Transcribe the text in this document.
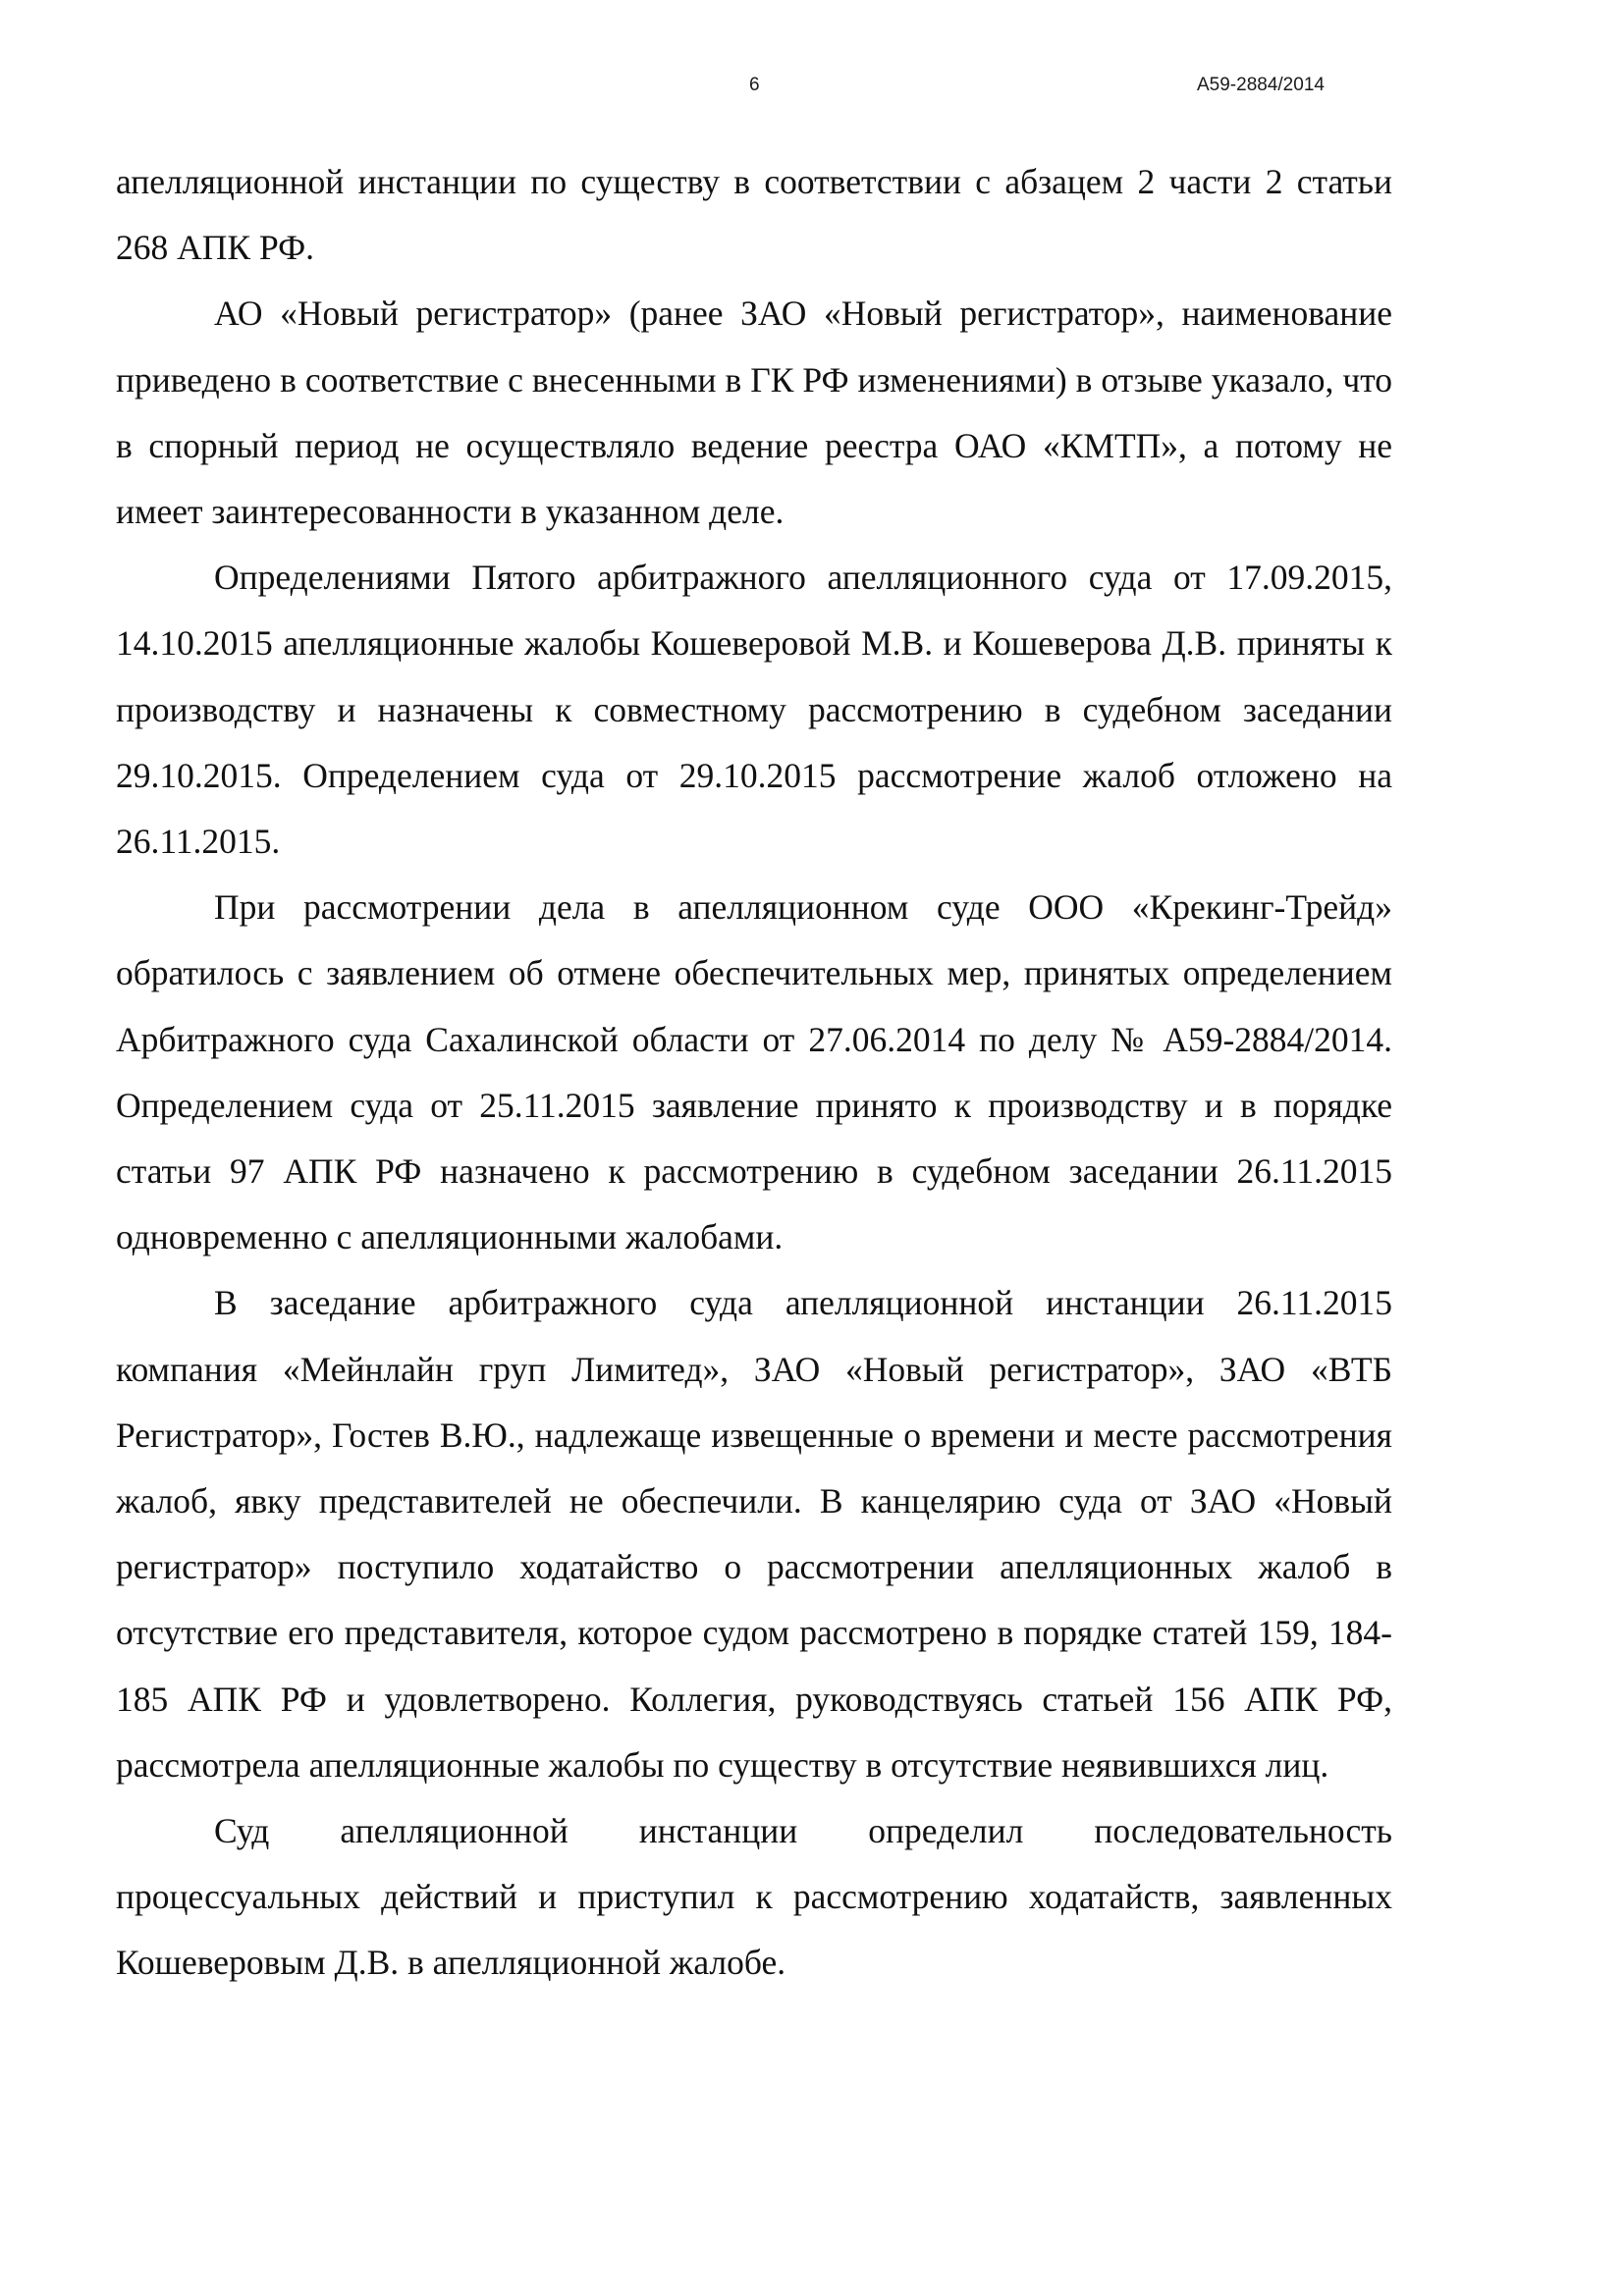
6	А59-2884/2014

апелляционной инстанции по существу в соответствии с абзацем 2 части 2 статьи 268 АПК РФ.

АО «Новый регистратор» (ранее ЗАО «Новый регистратор», наименование приведено в соответствие с внесенными в ГК РФ изменениями) в отзыве указало, что в спорный период не осуществляло ведение реестра ОАО «КМТП», а потому не имеет заинтересованности в указанном деле.

Определениями Пятого арбитражного апелляционного суда от 17.09.2015, 14.10.2015 апелляционные жалобы Кошеверовой М.В. и Кошеверова Д.В. приняты к производству и назначены к совместному рассмотрению в судебном заседании 29.10.2015. Определением суда от 29.10.2015 рассмотрение жалоб отложено на 26.11.2015.

При рассмотрении дела в апелляционном суде ООО «Крекинг-Трейд» обратилось с заявлением об отмене обеспечительных мер, принятых определением Арбитражного суда Сахалинской области от 27.06.2014 по делу № А59-2884/2014. Определением суда от 25.11.2015 заявление принято к производству и в порядке статьи 97 АПК РФ назначено к рассмотрению в судебном заседании 26.11.2015 одновременно с апелляционными жалобами.

В заседание арбитражного суда апелляционной инстанции 26.11.2015 компания «Мейнлайн груп Лимитед», ЗАО «Новый регистратор», ЗАО «ВТБ Регистратор», Гостев В.Ю., надлежаще извещенные о времени и месте рассмотрения жалоб, явку представителей не обеспечили. В канцелярию суда от ЗАО «Новый регистратор» поступило ходатайство о рассмотрении апелляционных жалоб в отсутствие его представителя, которое судом рассмотрено в порядке статей 159, 184-185 АПК РФ и удовлетворено. Коллегия, руководствуясь статьей 156 АПК РФ, рассмотрела апелляционные жалобы по существу в отсутствие неявившихся лиц.

Суд апелляционной инстанции определил последовательность процессуальных действий и приступил к рассмотрению ходатайств, заявленных Кошеверовым Д.В. в апелляционной жалобе.
